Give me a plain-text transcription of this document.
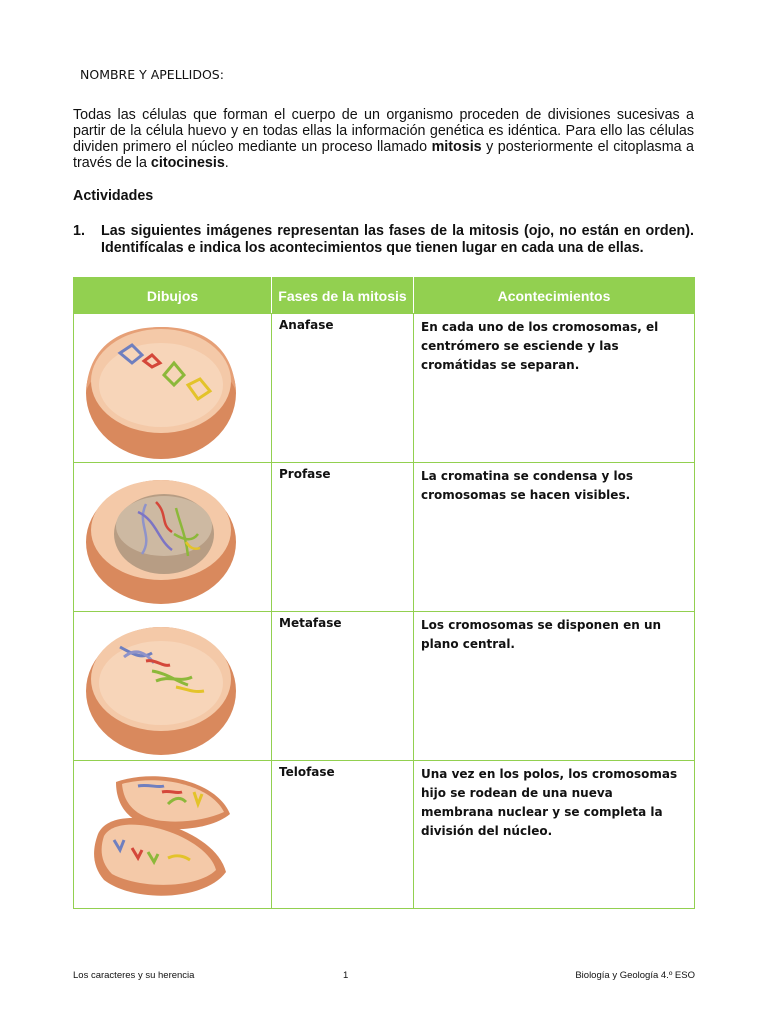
NOMBRE Y APELLIDOS:
Todas las células que forman el cuerpo de un organismo proceden de divisiones sucesivas a partir de la célula huevo y en todas ellas la información genética es idéntica. Para ello las células dividen primero el núcleo mediante un proceso llamado mitosis y posteriormente el citoplasma a través de la citocinesis.
Actividades
1. Las siguientes imágenes representan las fases de la mitosis (ojo, no están en orden). Identifícalas e indica los acontecimientos que tienen lugar en cada una de ellas.
Dibujos	Fases de la mitosis	Acontecimientos

	Anafase	En cada uno de los cromosomas, el centrómero se esciende y las cromátidas se separan.

	Profase	La cromatina se condensa y los cromosomas se hacen visibles.

	Metafase	Los cromosomas se disponen en un plano central.

	Telofase	Una vez en los polos, los cromosomas hijo se rodean de una nueva membrana nuclear y se completa la división del núcleo.
Los caracteres y su herencia	1	Biología y Geología 4.º ESO
